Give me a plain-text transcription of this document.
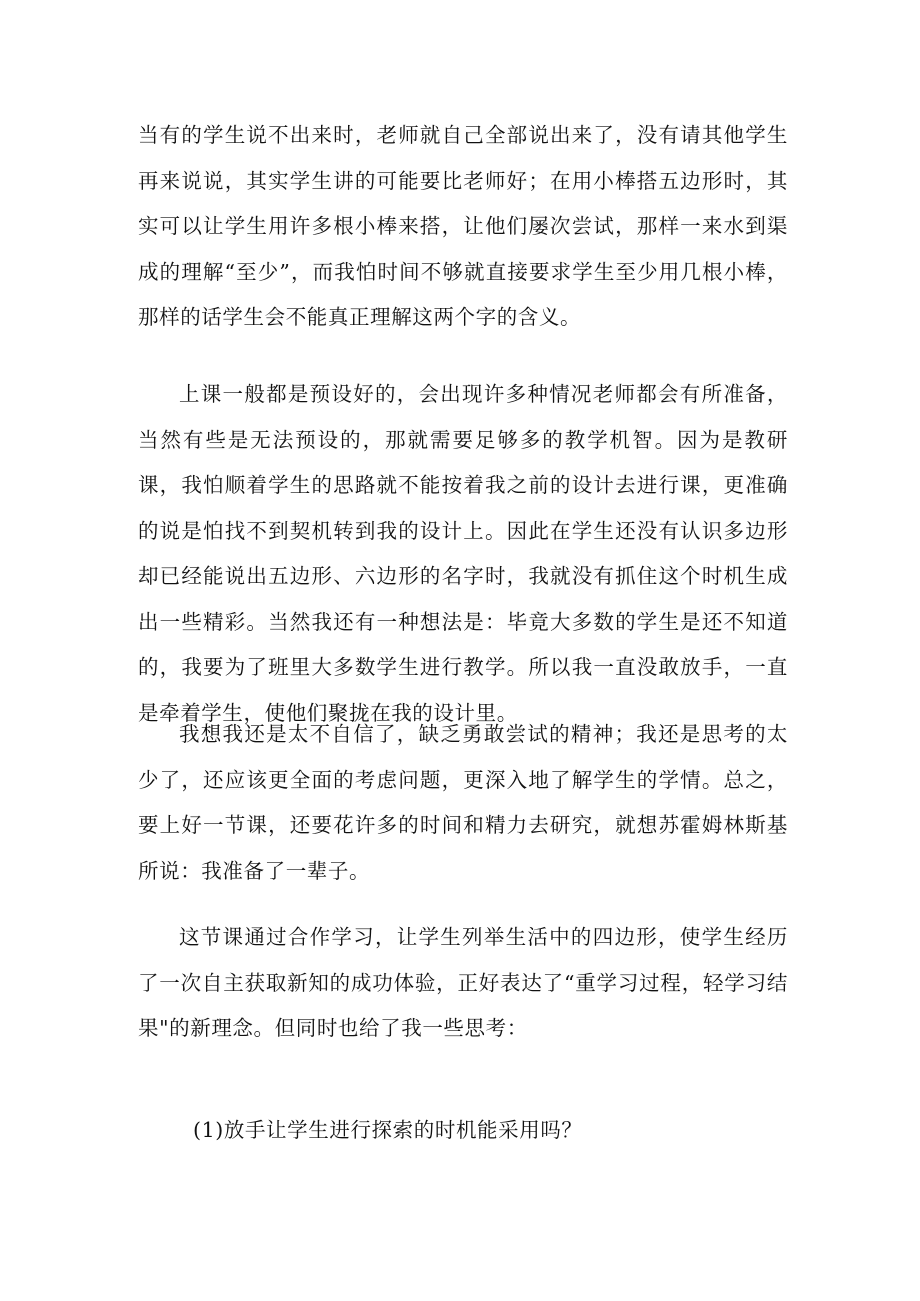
当有的学生说不出来时，老师就自己全部说出来了，没有请其他学生再来说说，其实学生讲的可能要比老师好；在用小棒搭五边形时，其实可以让学生用许多根小棒来搭，让他们屡次尝试，那样一来水到渠成的理解“至少”，而我怕时间不够就直接要求学生至少用几根小棒，那样的话学生会不能真正理解这两个字的含义。

上课一般都是预设好的，会出现许多种情况老师都会有所准备，当然有些是无法预设的，那就需要足够多的教学机智。因为是教研课，我怕顺着学生的思路就不能按着我之前的设计去进行课，更准确的说是怕找不到契机转到我的设计上。因此在学生还没有认识多边形却已经能说出五边形、六边形的名字时，我就没有抓住这个时机生成出一些精彩。当然我还有一种想法是：毕竟大多数的学生是还不知道的，我要为了班里大多数学生进行教学。所以我一直没敢放手，一直是牵着学生，使他们聚拢在我的设计里。

我想我还是太不自信了，缺乏勇敢尝试的精神；我还是思考的太少了，还应该更全面的考虑问题，更深入地了解学生的学情。总之，要上好一节课，还要花许多的时间和精力去研究，就想苏霍姆林斯基所说：我准备了一辈子。

这节课通过合作学习，让学生列举生活中的四边形，使学生经历了一次自主获取新知的成功体验，正好表达了“重学习过程，轻学习结果"的新理念。但同时也给了我一些思考：

(1)放手让学生进行探索的时机能采用吗？
